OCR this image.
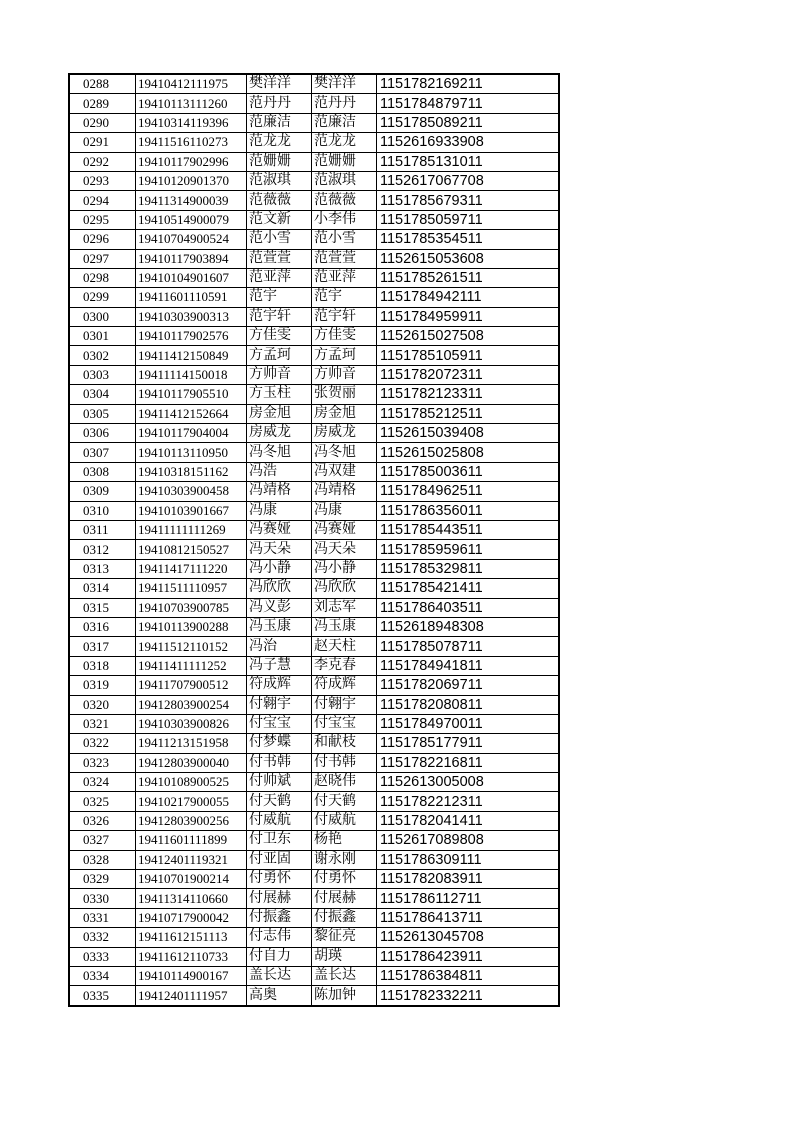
0288	19410412111975	樊洋洋	樊洋洋	1151782169211
0289	19410113111260	范丹丹	范丹丹	1151784879711
0290	19410314119396	范廉洁	范廉洁	1151785089211
0291	19411516110273	范龙龙	范龙龙	1152616933908
0292	19410117902996	范姗姗	范姗姗	1151785131011
0293	19410120901370	范淑琪	范淑琪	1152617067708
0294	19411314900039	范薇薇	范薇薇	1151785679311
0295	19410514900079	范文新	小李伟	1151785059711
0296	19410704900524	范小雪	范小雪	1151785354511
0297	19410117903894	范萱萱	范萱萱	1152615053608
0298	19410104901607	范亚萍	范亚萍	1151785261511
0299	19411601110591	范宇	范宇	1151784942111
0300	19410303900313	范宇轩	范宇轩	1151784959911
0301	19410117902576	方佳雯	方佳雯	1152615027508
0302	19411412150849	方孟珂	方孟珂	1151785105911
0303	19411114150018	方帅音	方帅音	1151782072311
0304	19410117905510	方玉柱	张贺丽	1151782123311
0305	19411412152664	房金旭	房金旭	1151785212511
0306	19410117904004	房威龙	房威龙	1152615039408
0307	19410113110950	冯冬旭	冯冬旭	1152615025808
0308	19410318151162	冯浩	冯双建	1151785003611
0309	19410303900458	冯靖格	冯靖格	1151784962511
0310	19410103901667	冯康	冯康	1151786356011
0311	19411111111269	冯赛娅	冯赛娅	1151785443511
0312	19410812150527	冯天朵	冯天朵	1151785959611
0313	19411417111220	冯小静	冯小静	1151785329811
0314	19411511110957	冯欣欣	冯欣欣	1151785421411
0315	19410703900785	冯义彭	刘志军	1151786403511
0316	19410113900288	冯玉康	冯玉康	1152618948308
0317	19411512110152	冯治	赵天柱	1151785078711
0318	19411411111252	冯子慧	李克春	1151784941811
0319	19411707900512	符成辉	符成辉	1151782069711
0320	19412803900254	付翱宇	付翱宇	1151782080811
0321	19410303900826	付宝宝	付宝宝	1151784970011
0322	19411213151958	付梦蝶	和献枝	1151785177911
0323	19412803900040	付书韩	付书韩	1151782216811
0324	19410108900525	付帅斌	赵晓伟	1152613005008
0325	19410217900055	付天鹤	付天鹤	1151782212311
0326	19412803900256	付威航	付威航	1151782041411
0327	19411601111899	付卫东	杨艳	1152617089808
0328	19412401119321	付亚固	谢永刚	1151786309111
0329	19410701900214	付勇怀	付勇怀	1151782083911
0330	19411314110660	付展赫	付展赫	1151786112711
0331	19410717900042	付振鑫	付振鑫	1151786413711
0332	19411612151113	付志伟	黎征亮	1152613045708
0333	19411612110733	付自力	胡瑛	1151786423911
0334	19410114900167	盖长达	盖长达	1151786384811
0335	19412401111957	高奥	陈加钟	1151782332211
